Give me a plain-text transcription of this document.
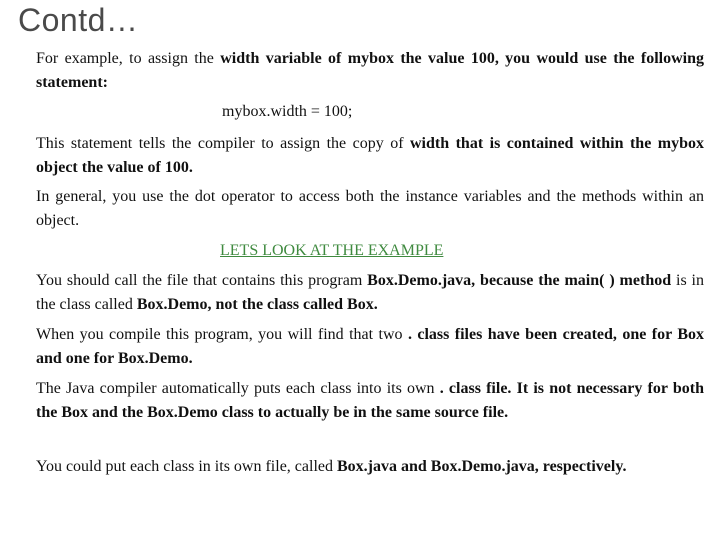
Contd…
For example, to assign the width variable of mybox the value 100, you would use the following statement:
mybox.width = 100;
This statement tells the compiler to assign the copy of width that is contained within the mybox object the value of 100.
In general, you use the dot operator to access both the instance variables and the methods within an object.
LETS LOOK AT THE EXAMPLE
You should call the file that contains this program Box.Demo.java, because the main( ) method is in the class called Box.Demo, not the class called Box.
When you compile this program, you will find that two . class files have been created, one for Box and one for Box.Demo.
The Java compiler automatically puts each class into its own . class file. It is not necessary for both the Box and the Box.Demo class to actually be in the same source file.
You could put each class in its own file, called Box.java and Box.Demo.java, respectively.
